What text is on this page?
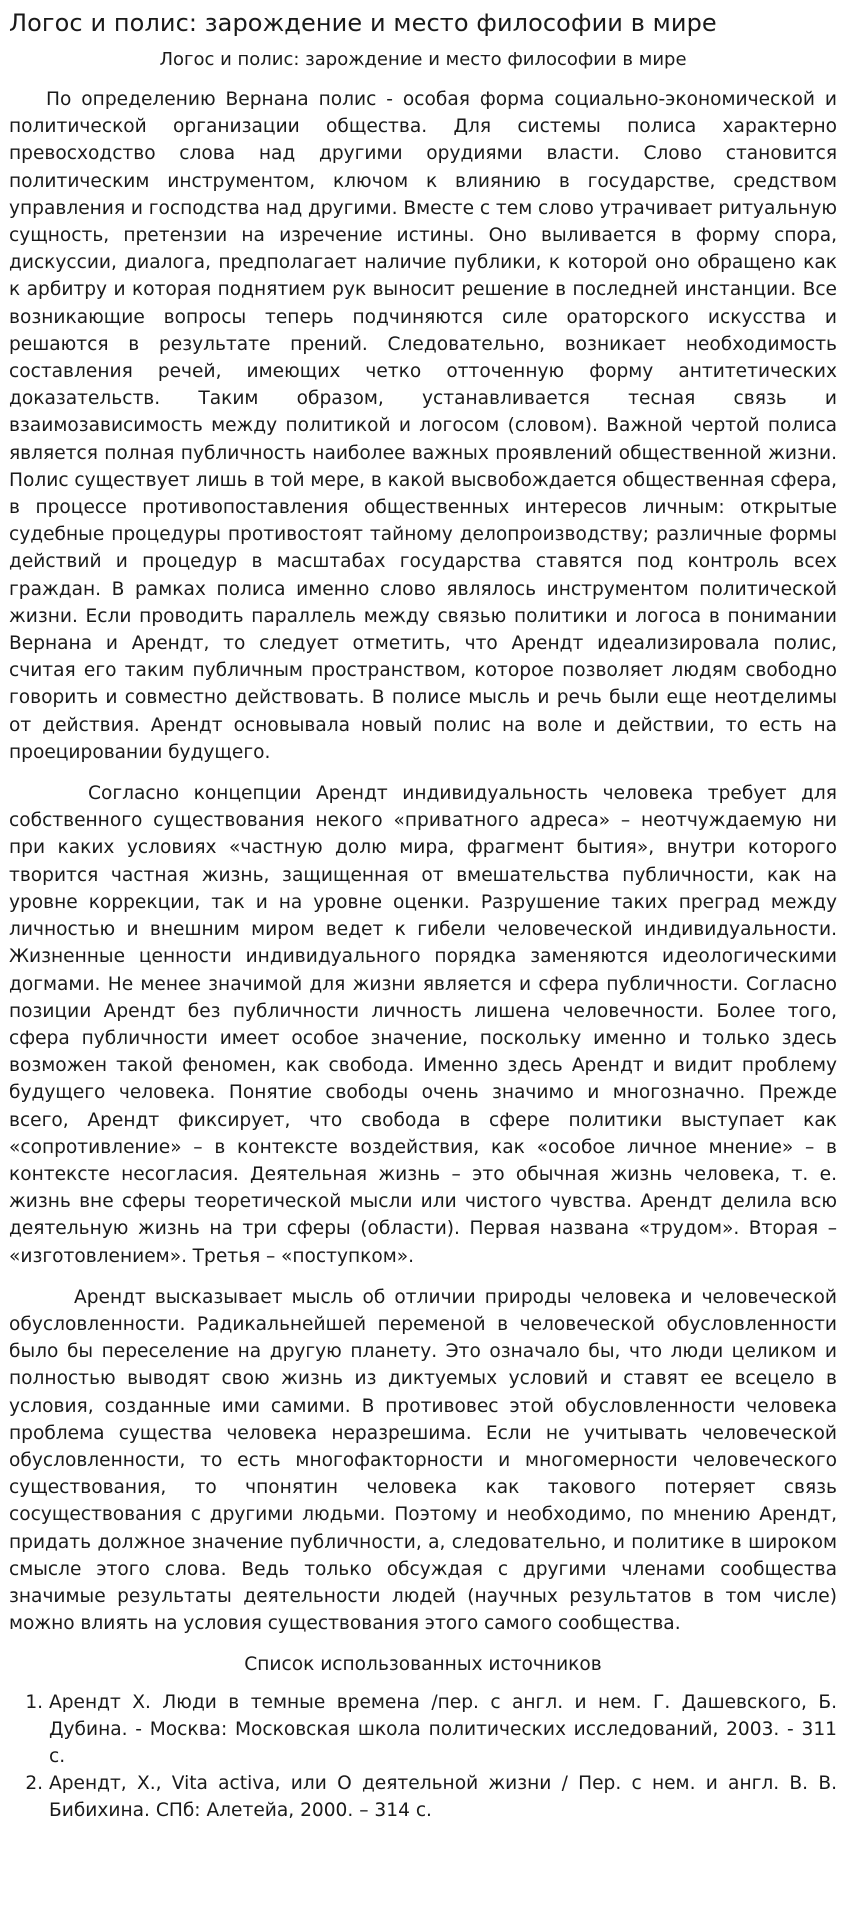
Логос и полис: зарождение и место философии в мире
Логос и полис: зарождение и место философии в мире

По определению Вернана полис - особая форма социально-экономической и политической организации общества. Для системы полиса характерно превосходство слова над другими орудиями власти. Слово становится политическим инструментом, ключом к влиянию в государстве, средством управления и господства над другими. Вместе с тем слово утрачивает ритуальную сущность, претензии на изречение истины. Оно выливается в форму спора, дискуссии, диалога, предполагает наличие публики, к которой оно обращено как к арбитру и которая поднятием рук выносит решение в последней инстанции. Все возникающие вопросы теперь подчиняются силе ораторского искусства и решаются в результате прений. Следовательно, возникает необходимость составления речей, имеющих четко отточенную форму антитетических доказательств. Таким образом, устанавливается тесная связь и взаимозависимость между политикой и логосом (словом). Важной чертой полиса является полная публичность наиболее важных проявлений общественной жизни. Полис существует лишь в той мере, в какой высвобождается общественная сфера, в процессе противопоставления общественных интересов личным: открытые судебные процедуры противостоят тайному делопроизводству; различные формы действий и процедур в масштабах государства ставятся под контроль всех граждан. В рамках полиса именно слово являлось инструментом политической жизни. Если проводить параллель между связью политики и логоса в понимании Вернана и Арендт, то следует отметить, что Арендт идеализировала полис, считая его таким публичным пространством, которое позволяет людям свободно говорить и совместно действовать. В полисе мысль и речь были еще неотделимы от действия. Арендт основывала новый полис на воле и действии, то есть на проецировании будущего.

Согласно концепции Арендт индивидуальность человека требует для собственного существования некого «приватного адреса» – неотчуждаемую ни при каких условиях «частную долю мира, фрагмент бытия», внутри которого творится частная жизнь, защищенная от вмешательства публичности, как на уровне коррекции, так и на уровне оценки. Разрушение таких преград между личностью и внешним миром ведет к гибели человеческой индивидуальности. Жизненные ценности индивидуального порядка заменяются идеологическими догмами. Не менее значимой для жизни является и сфера публичности. Согласно позиции Арендт без публичности личность лишена человечности. Более того, сфера публичности имеет особое значение, поскольку именно и только здесь возможен такой феномен, как свобода. Именно здесь Арендт и видит проблему будущего человека. Понятие свободы очень значимо и многозначно. Прежде всего, Арендт фиксирует, что свобода в сфере политики выступает как «сопротивление» – в контексте воздействия, как «особое личное мнение» – в контексте несогласия. Деятельная жизнь – это обычная жизнь человека, т. е. жизнь вне сферы теоретической мысли или чистого чувства. Арендт делила всю деятельную жизнь на три сферы (области). Первая названа «трудом». Вторая – «изготовлением». Третья – «поступком».

Арендт высказывает мысль об отличии природы человека и человеческой обусловленности. Радикальнейшей переменой в человеческой обусловленности было бы переселение на другую планету. Это означало бы, что люди целиком и полностью выводят свою жизнь из диктуемых условий и ставят ее всецело в условия, созданные ими самими. В противовес этой обусловленности человека проблема существа человека неразрешима. Если не учитывать человеческой обусловленности, то есть многофакторности и многомерности человеческого существования, то чпонятин человека как такового потеряет связь сосуществования с другими людьми. Поэтому и необходимо, по мнению Арендт, придать должное значение публичности, а, следовательно, и политике в широком смысле этого слова. Ведь только обсуждая с другими членами сообщества значимые результаты деятельности людей (научных результатов в том числе) можно влиять на условия существования этого самого сообщества.

Список использованных источников
1. Арендт Х. Люди в темные времена /пер. с англ. и нем. Г. Дашевского, Б. Дубина. - Москва: Московская школа политических исследований, 2003. - 311 с.
2. Арендт, Х., Vita activa, или О деятельной жизни / Пер. с нем. и англ. В. В. Бибихина. СПб: Алетейа, 2000. – 314 с.
